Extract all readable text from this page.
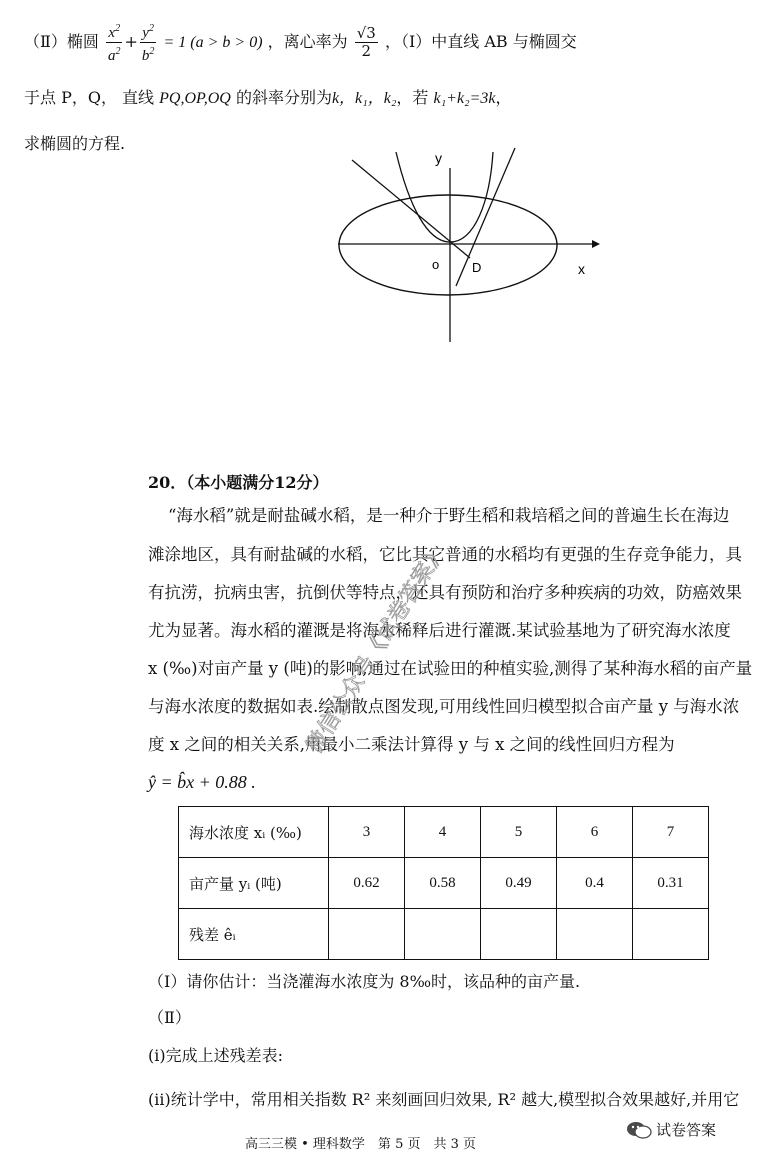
（Ⅱ）椭圆 $\frac{x^2}{a^2} + \frac{y^2}{b^2} = 1$ (a > b > 0) ，离心率为 $\frac{√3}{2}$ ，（Ⅰ）中直线 AB 与椭圆交
于点 P，Q， 直线 PQ,OP,OQ 的斜率分别为k，k₁，k₂，若 k₁+k₂=3k，
求椭圆的方程.
y
x
o	D
20．（本小题满分12分）
“海水稻”就是耐盐碱水稻，是一种介于野生稻和栽培稻之间的普遍生长在海边
滩涂地区，具有耐盐碱的水稻，它比其它普通的水稻均有更强的生存竞争能力，具
有抗涝，抗病虫害，抗倒伏等特点，还具有预防和治疗多种疾病的功效，防癌效果
尤为显著。海水稻的灌溉是将海水稀释后进行灌溉.某试验基地为了研究海水浓度
x (‰)对亩产量 y (吨)的影响,通过在试验田的种植实验,测得了某种海水稻的亩产量
与海水浓度的数据如表.绘制散点图发现,可用线性回归模型拟合亩产量 y 与海水浓
度 x 之间的相关关系,用最小二乘法计算得 y 与 x 之间的线性回归方程为
ŷ = b̂x + 0.88 .
海水浓度 xᵢ (‰)	3	4	5	6	7
亩产量 yᵢ (吨)	0.62	0.58	0.49	0.4	0.31
残差 êᵢ					
（Ⅰ）请你估计：当浇灌海水浓度为 8‰时，该品种的亩产量.
（Ⅱ）
(ⅰ)完成上述残差表:
(ⅱ)统计学中，常用相关指数 R² 来刻画回归效果, R² 越大,模型拟合效果越好,并用它
高三三模 • 理科数学　第 5 页　共 3 页
微信公众号《试卷答案》
试卷答案
